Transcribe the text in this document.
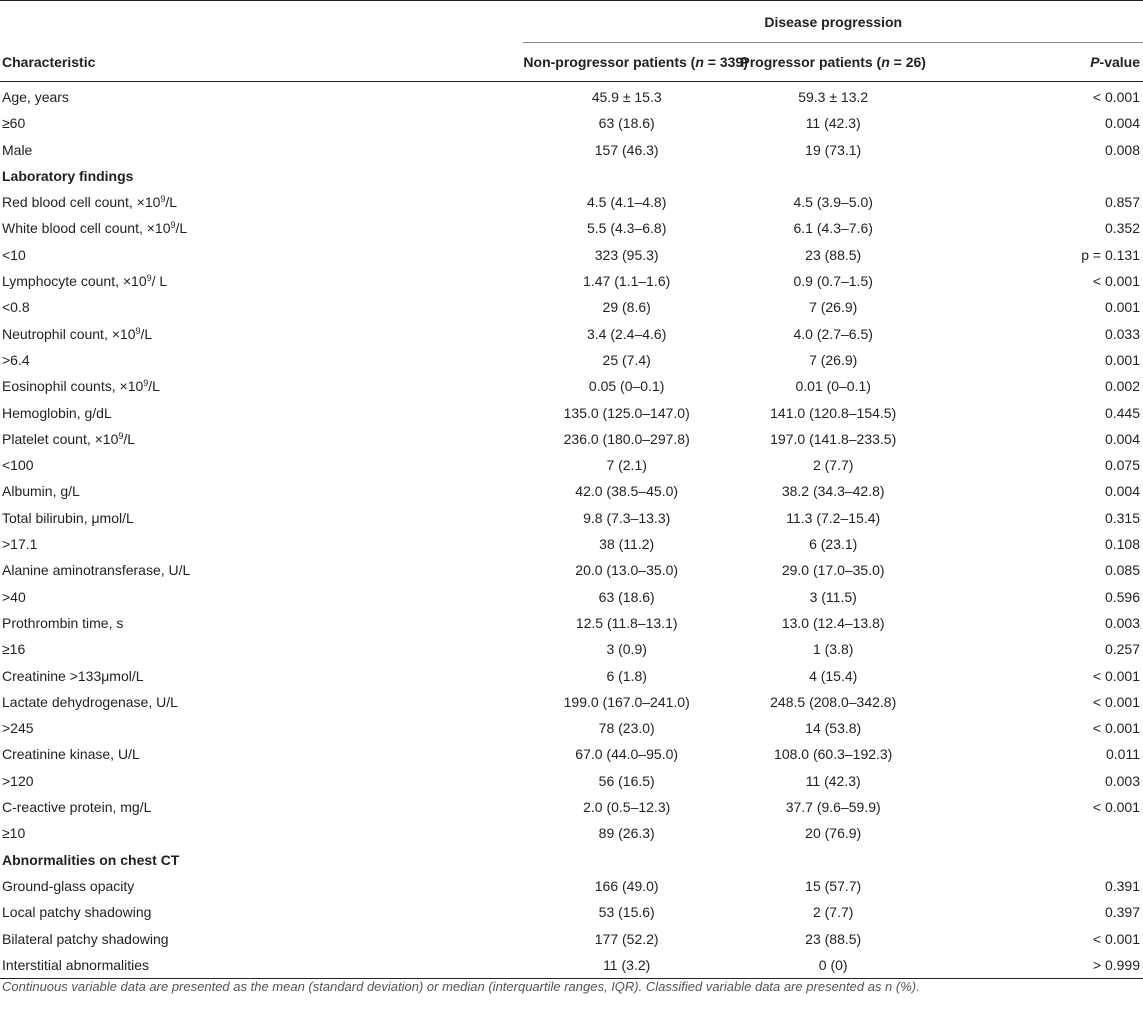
	Disease progression		
Characteristic	Non-progressor patients (n = 339)	Progressor patients (n = 26)	P-value
Age, years	45.9 ± 15.3	59.3 ± 13.2	< 0.001
≥60	63 (18.6)	11 (42.3)	0.004
Male	157 (46.3)	19 (73.1)	0.008
Laboratory findings			
Red blood cell count, $\times 10^9/L$	4.5 (4.1–4.8)	4.5 (3.9–5.0)	0.857
White blood cell count, $\times 10^9/L$	5.5 (4.3–6.8)	6.1 (4.3–7.6)	0.352
<10	323 (95.3)	23 (88.5)	p = 0.131
Lymphocyte count, $\times 10^9/$ L	1.47 (1.1–1.6)	0.9 (0.7–1.5)	< 0.001
<0.8	29 (8.6)	7 (26.9)	0.001
Neutrophil count, $\times 10^9/L$	3.4 (2.4–4.6)	4.0 (2.7–6.5)	0.033
>6.4	25 (7.4)	7 (26.9)	0.001
Eosinophil counts, $\times 10^9/L$	0.05 (0–0.1)	0.01 (0–0.1)	0.002
Hemoglobin, g/dL	135.0 (125.0–147.0)	141.0 (120.8–154.5)	0.445
Platelet count, $\times 10^9/L$	236.0 (180.0–297.8)	197.0 (141.8–233.5)	0.004
<100	7 (2.1)	2 (7.7)	0.075
Albumin, g/L	42.0 (38.5–45.0)	38.2 (34.3–42.8)	0.004
Total bilirubin, μmol/L	9.8 (7.3–13.3)	11.3 (7.2–15.4)	0.315
>17.1	38 (11.2)	6 (23.1)	0.108
Alanine aminotransferase, U/L	20.0 (13.0–35.0)	29.0 (17.0–35.0)	0.085
>40	63 (18.6)	3 (11.5)	0.596
Prothrombin time, s	12.5 (11.8–13.1)	13.0 (12.4–13.8)	0.003
≥16	3 (0.9)	1 (3.8)	0.257
Creatinine >133μmol/L	6 (1.8)	4 (15.4)	< 0.001
Lactate dehydrogenase, U/L	199.0 (167.0–241.0)	248.5 (208.0–342.8)	< 0.001
>245	78 (23.0)	14 (53.8)	< 0.001
Creatinine kinase, U/L	67.0 (44.0–95.0)	108.0 (60.3–192.3)	0.011
>120	56 (16.5)	11 (42.3)	0.003
C-reactive protein, mg/L	2.0 (0.5–12.3)	37.7 (9.6–59.9)	< 0.001
≥10	89 (26.3)	20 (76.9)	
Abnormalities on chest CT			
Ground-glass opacity	166 (49.0)	15 (57.7)	0.391
Local patchy shadowing	53 (15.6)	2 (7.7)	0.397
Bilateral patchy shadowing	177 (52.2)	23 (88.5)	< 0.001
Interstitial abnormalities	11 (3.2)	0 (0)	> 0.999
Continuous variable data are presented as the mean (standard deviation) or median (interquartile ranges, IQR). Classified variable data are presented as n (%).
